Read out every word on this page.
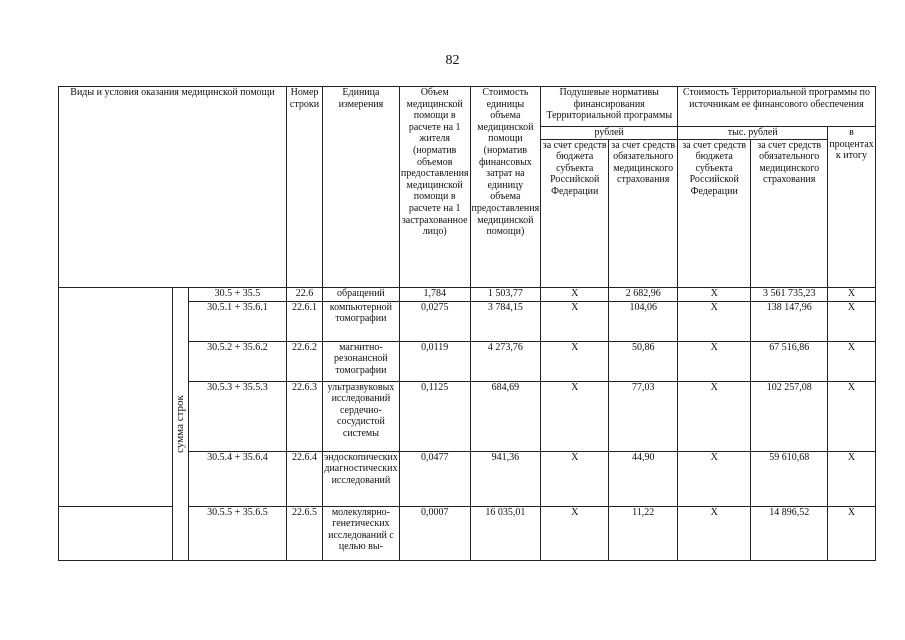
82
Виды и условия оказания медицинской помощи			Номер строки	Единица измерения	Объем медицинской помощи в расчете на 1 жителя (норматив объемов предоставления медицинской помощи в расчете на 1 застрахованное лицо)	Стоимость единицы объема медицинской помощи (норматив финансовых затрат на единицу объема предоставления медицинской помощи)	Подушевые нормативы финансирования Территориальной программы		Стоимость Территориальной программы по источникам ее финансового обеспечения		
							рублей		тыс. рублей		в процентах к итогу
							за счет средств бюджета субъекта Российской Федерации	за счет средств обязательного медицинского страхования	за счет средств бюджета субъекта Российской Федерации	за счет средств обязательного медицинского страхования	

	сумма строк	30.5 + 35.5	22.6	обращений	1,784	1 503,77	X	2 682,96	X	3 561 735,23	X
		30.5.1 + 35.6.1	22.6.1	компьютерной томографии	0,0275	3 784,15	X	104,06	X	138 147,96	X
		30.5.2 + 35.6.2	22.6.2	магнитно-резонансной томографии	0,0119	4 273,76	X	50,86	X	67 516,86	X
		30.5.3 + 35.5.3	22.6.3	ультразвуковых исследований сердечно-сосудистой системы	0,1125	684,69	X	77,03	X	102 257,08	X
		30.5.4 + 35.6.4	22.6.4	эндоскопических диагностических исследований	0,0477	941,36	X	44,90	X	59 610,68	X
		30.5.5 + 35.6.5	22.6.5	молекулярно-генетических исследований с целью вы-	0,0007	16 035,01	X	11,22	X	14 896,52	X
